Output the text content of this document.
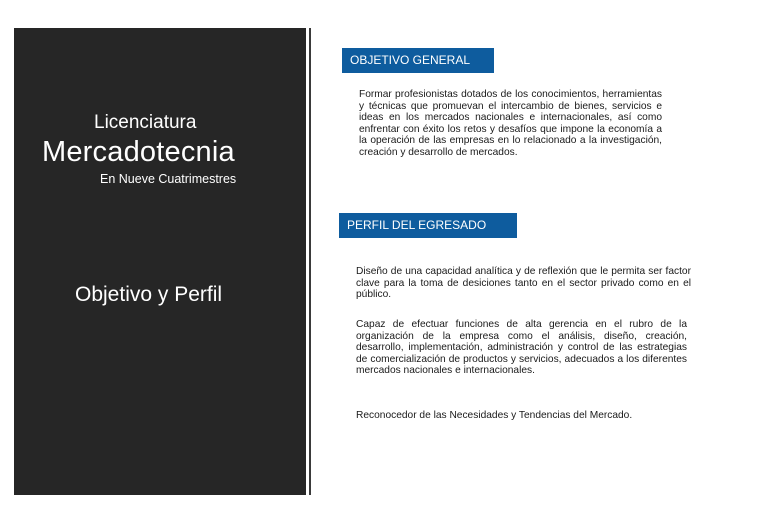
Licenciatura
Mercadotecnia
En Nueve Cuatrimestres
Objetivo y Perfil
OBJETIVO GENERAL

Formar profesionistas dotados de los conocimientos, herramientas y técnicas que promuevan el intercambio de bienes, servicios e ideas en los mercados nacionales e internacionales, así como enfrentar con éxito los retos y desafíos que impone la economía a la operación de las empresas en lo relacionado a la investigación, creación y desarrollo de mercados.

PERFIL DEL EGRESADO

Diseño de una capacidad analítica y de reflexión que le permita ser factor clave para la toma de desiciones tanto en el sector privado como en el público.

Capaz de efectuar funciones de alta gerencia en el rubro de la organización de la empresa como el análisis, diseño, creación, desarrollo, implementación, administración y control de las estrategias de comercialización de productos y servicios, adecuados a los diferentes mercados nacionales e internacionales.

Reconocedor de las Necesidades y Tendencias del Mercado.
